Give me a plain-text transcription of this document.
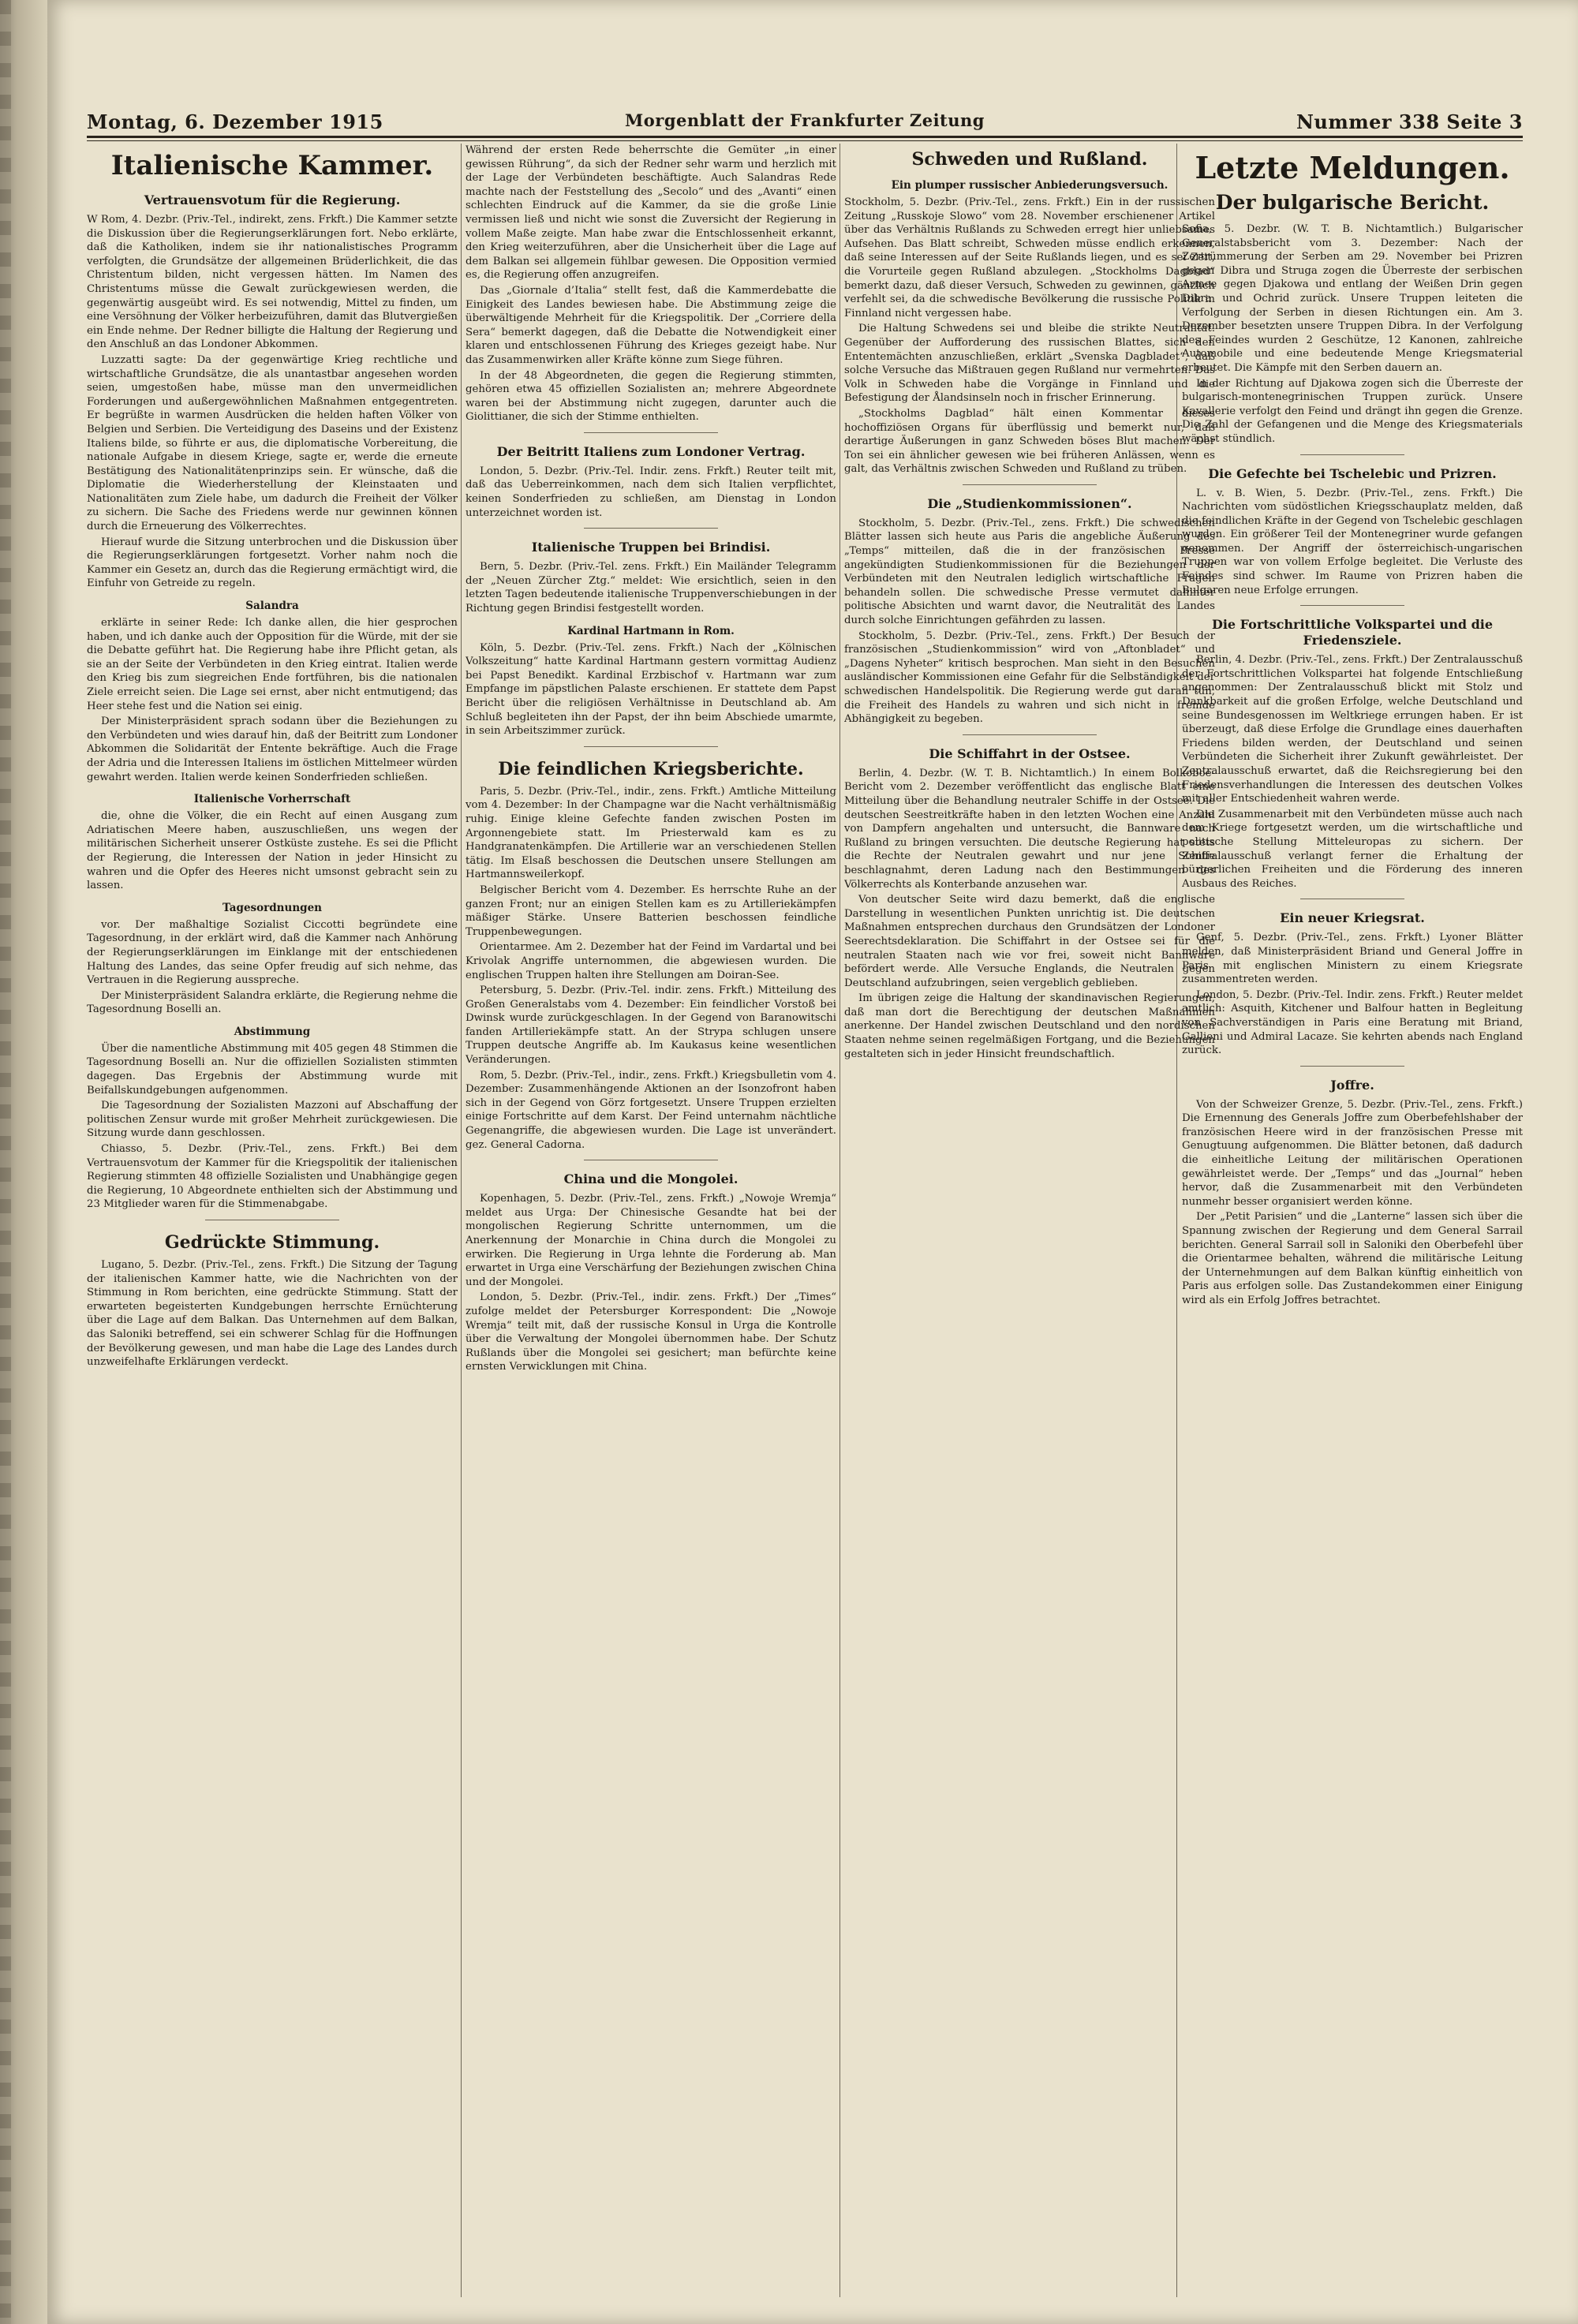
Montag, 6. Dezember 1915	Morgenblatt der Frankfurter Zeitung	Nummer 338 Seite 3
Italienische Kammer.
Vertrauensvotum für die Regierung.

W Rom, 4. Dezbr. (Priv.-Tel., indirekt, zens. Frkft.) Die Kammer setzte die Diskussion über die Regierungserklärungen fort. Nebo erklärte, daß die Katholiken, indem sie ihr nationalistisches Programm verfolgten, die Grundsätze der allgemeinen Brüderlichkeit, die das Christentum bilden, nicht vergessen hätten. Im Namen des Christentums müsse die Gewalt zurückgewiesen werden, die gegenwärtig ausgeübt wird. Es sei notwendig, Mittel zu finden, um eine Versöhnung der Völker herbeizuführen, damit das Blutvergießen ein Ende nehme. Der Redner billigte die Haltung der Regierung und den Anschluß an das Londoner Abkommen.

Luzzatti sagte: Da der gegenwärtige Krieg rechtliche und wirtschaftliche Grundsätze, die als unantastbar angesehen worden seien, umgestoßen habe, müsse man den unvermeidlichen Forderungen und außergewöhnlichen Maßnahmen entgegentreten. Er begrüßte in warmen Ausdrücken die helden haften Völker von Belgien und Serbien. Die Verteidigung des Daseins und der Existenz Italiens bilde, so führte er aus, die diplomatische Vorbereitung, die nationale Aufgabe in diesem Kriege, sagte er, werde die erneute Bestätigung des Nationalitätenprinzips sein. Er wünsche, daß die Diplomatie die Wiederherstellung der Kleinstaaten und Nationalitäten zum Ziele habe, um dadurch die Freiheit der Völker zu sichern. Die Sache des Friedens werde nur gewinnen können durch die Erneuerung des Völkerrechtes.

Hierauf wurde die Sitzung unterbrochen und die Diskussion über die Regierungserklärungen fortgesetzt. Vorher nahm noch die Kammer ein Gesetz an, durch das die Regierung ermächtigt wird, die Einfuhr von Getreide zu regeln.

Salandra

erklärte in seiner Rede: Ich danke allen, die hier gesprochen haben, und ich danke auch der Opposition für die Würde, mit der sie die Debatte geführt hat. Die Regierung habe ihre Pflicht getan, als sie an der Seite der Verbündeten in den Krieg eintrat. Italien werde den Krieg bis zum siegreichen Ende fortführen, bis die nationalen Ziele erreicht seien. Die Lage sei ernst, aber nicht entmutigend; das Heer stehe fest und die Nation sei einig.

Der Ministerpräsident sprach sodann über die Beziehungen zu den Verbündeten und wies darauf hin, daß der Beitritt zum Londoner Abkommen die Solidarität der Entente bekräftige. Auch die Frage der Adria und die Interessen Italiens im östlichen Mittelmeer würden gewahrt werden. Italien werde keinen Sonderfrieden schließen.

Italienische Vorherrschaft

die, ohne die Völker, die ein Recht auf einen Ausgang zum Adriatischen Meere haben, auszuschließen, uns wegen der militärischen Sicherheit unserer Ostküste zustehe. Es sei die Pflicht der Regierung, die Interessen der Nation in jeder Hinsicht zu wahren und die Opfer des Heeres nicht umsonst gebracht sein zu lassen.

Tagesordnungen

vor. Der maßhaltige Sozialist Ciccotti begründete eine Tagesordnung, in der erklärt wird, daß die Kammer nach Anhörung der Regierungserklärungen im Einklange mit der entschiedenen Haltung des Landes, das seine Opfer freudig auf sich nehme, das Vertrauen in die Regierung ausspreche.

Der Ministerpräsident Salandra erklärte, die Regierung nehme die Tagesordnung Boselli an.

Abstimmung

Über die namentliche Abstimmung mit 405 gegen 48 Stimmen die Tagesordnung Boselli an. Nur die offiziellen Sozialisten stimmten dagegen. Das Ergebnis der Abstimmung wurde mit Beifallskundgebungen aufgenommen.

Die Tagesordnung der Sozialisten Mazzoni auf Abschaffung der politischen Zensur wurde mit großer Mehrheit zurückgewiesen. Die Sitzung wurde dann geschlossen.

Chiasso, 5. Dezbr. (Priv.-Tel., zens. Frkft.) Bei dem Vertrauensvotum der Kammer für die Kriegspolitik der italienischen Regierung stimmten 48 offizielle Sozialisten und Unabhängige gegen die Regierung, 10 Abgeordnete enthielten sich der Abstimmung und 23 Mitglieder waren für die Stimmenabgabe.

Gedrückte Stimmung.

Lugano, 5. Dezbr. (Priv.-Tel., zens. Frkft.) Die Sitzung der Tagung der italienischen Kammer hatte, wie die Nachrichten von der Stimmung in Rom berichten, eine gedrückte Stimmung. Statt der erwarteten begeisterten Kundgebungen herrschte Ernüchterung über die Lage auf dem Balkan. Das Unternehmen auf dem Balkan, das Saloniki betreffend, sei ein schwerer Schlag für die Hoffnungen der Bevölkerung gewesen, und man habe die Lage des Landes durch unzweifelhafte Erklärungen verdeckt.

Während der ersten Rede beherrschte die Gemüter „in einer gewissen Rührung“, da sich der Redner sehr warm und herzlich mit der Lage der Verbündeten beschäftigte. Auch Salandras Rede machte nach der Feststellung des „Secolo“ und des „Avanti“ einen schlechten Eindruck auf die Kammer, da sie die große Linie vermissen ließ und nicht wie sonst die Zuversicht der Regierung in vollem Maße zeigte. Man habe zwar die Entschlossenheit erkannt, den Krieg weiterzuführen, aber die Unsicherheit über die Lage auf dem Balkan sei allgemein fühlbar gewesen. Die Opposition vermied es, die Regierung offen anzugreifen.

Das „Giornale d’Italia“ stellt fest, daß die Kammerdebatte die Einigkeit des Landes bewiesen habe. Die Abstimmung zeige die überwältigende Mehrheit für die Kriegspolitik. Der „Corriere della Sera“ bemerkt dagegen, daß die Debatte die Notwendigkeit einer klaren und entschlossenen Führung des Krieges gezeigt habe. Nur das Zusammenwirken aller Kräfte könne zum Siege führen.

In der 48 Abgeordneten, die gegen die Regierung stimmten, gehören etwa 45 offiziellen Sozialisten an; mehrere Abgeordnete waren bei der Abstimmung nicht zugegen, darunter auch die Giolittianer, die sich der Stimme enthielten.

Der Beitritt Italiens zum Londoner Vertrag.

London, 5. Dezbr. (Priv.-Tel. Indir. zens. Frkft.) Reuter teilt mit, daß das Ueberreinkommen, nach dem sich Italien verpflichtet, keinen Sonderfrieden zu schließen, am Dienstag in London unterzeichnet worden ist.

Italienische Truppen bei Brindisi.

Bern, 5. Dezbr. (Priv.-Tel. zens. Frkft.) Ein Mailänder Telegramm der „Neuen Zürcher Ztg.“ meldet: Wie ersichtlich, seien in den letzten Tagen bedeutende italienische Truppenverschiebungen in der Richtung gegen Brindisi festgestellt worden.

Kardinal Hartmann in Rom.

Köln, 5. Dezbr. (Priv.-Tel. zens. Frkft.) Nach der „Kölnischen Volkszeitung“ hatte Kardinal Hartmann gestern vormittag Audienz bei Papst Benedikt. Kardinal Erzbischof v. Hartmann war zum Empfange im päpstlichen Palaste erschienen. Er stattete dem Papst Bericht über die religiösen Verhältnisse in Deutschland ab. Am Schluß begleiteten ihn der Papst, der ihn beim Abschiede umarmte, in sein Arbeitszimmer zurück.

Die feindlichen Kriegsberichte.

Paris, 5. Dezbr. (Priv.-Tel., indir., zens. Frkft.) Amtliche Mitteilung vom 4. Dezember: In der Champagne war die Nacht verhältnismäßig ruhig. Einige kleine Gefechte fanden zwischen Posten im Argonnengebiete statt. Im Priesterwald kam es zu Handgranatenkämpfen. Die Artillerie war an verschiedenen Stellen tätig. Im Elsaß beschossen die Deutschen unsere Stellungen am Hartmannsweilerkopf.

Belgischer Bericht vom 4. Dezember. Es herrschte Ruhe an der ganzen Front; nur an einigen Stellen kam es zu Artilleriekämpfen mäßiger Stärke. Unsere Batterien beschossen feindliche Truppenbewegungen.

Orientarmee. Am 2. Dezember hat der Feind im Vardartal und bei Krivolak Angriffe unternommen, die abgewiesen wurden. Die englischen Truppen halten ihre Stellungen am Doiran-See.

Petersburg, 5. Dezbr. (Priv.-Tel. indir. zens. Frkft.) Mitteilung des Großen Generalstabs vom 4. Dezember: Ein feindlicher Vorstoß bei Dwinsk wurde zurückgeschlagen. In der Gegend von Baranowitschi fanden Artilleriekämpfe statt. An der Strypa schlugen unsere Truppen deutsche Angriffe ab. Im Kaukasus keine wesentlichen Veränderungen.

Rom, 5. Dezbr. (Priv.-Tel., indir., zens. Frkft.) Kriegsbulletin vom 4. Dezember: Zusammenhängende Aktionen an der Isonzofront haben sich in der Gegend von Görz fortgesetzt. Unsere Truppen erzielten einige Fortschritte auf dem Karst. Der Feind unternahm nächtliche Gegenangriffe, die abgewiesen wurden. Die Lage ist unverändert. gez. General Cadorna.

China und die Mongolei.

Kopenhagen, 5. Dezbr. (Priv.-Tel., zens. Frkft.) „Nowoje Wremja“ meldet aus Urga: Der Chinesische Gesandte hat bei der mongolischen Regierung Schritte unternommen, um die Anerkennung der Monarchie in China durch die Mongolei zu erwirken. Die Regierung in Urga lehnte die Forderung ab. Man erwartet in Urga eine Verschärfung der Beziehungen zwischen China und der Mongolei.

London, 5. Dezbr. (Priv.-Tel., indir. zens. Frkft.) Der „Times“ zufolge meldet der Petersburger Korrespondent: Die „Nowoje Wremja“ teilt mit, daß der russische Konsul in Urga die Kontrolle über die Verwaltung der Mongolei übernommen habe. Der Schutz Rußlands über die Mongolei sei gesichert; man befürchte keine ernsten Verwicklungen mit China.

Schweden und Rußland.
Ein plumper russischer Anbiederungsversuch.

Stockholm, 5. Dezbr. (Priv.-Tel., zens. Frkft.) Ein in der russischen Zeitung „Russkoje Slowo“ vom 28. November erschienener Artikel über das Verhältnis Rußlands zu Schweden erregt hier unliebsames Aufsehen. Das Blatt schreibt, Schweden müsse endlich erkennen, daß seine Interessen auf der Seite Rußlands liegen, und es sei Zeit, die Vorurteile gegen Rußland abzulegen. „Stockholms Dagblad“ bemerkt dazu, daß dieser Versuch, Schweden zu gewinnen, gänzlich verfehlt sei, da die schwedische Bevölkerung die russische Politik in Finnland nicht vergessen habe.

Die Haltung Schwedens sei und bleibe die strikte Neutralität. Gegenüber der Aufforderung des russischen Blattes, sich den Ententemächten anzuschließen, erklärt „Svenska Dagbladet“, daß solche Versuche das Mißtrauen gegen Rußland nur vermehrten. Das Volk in Schweden habe die Vorgänge in Finnland und die Befestigung der Ålandsinseln noch in frischer Erinnerung.

„Stockholms Dagblad“ hält einen Kommentar dieses hochoffiziösen Organs für überflüssig und bemerkt nur, daß derartige Äußerungen in ganz Schweden böses Blut machen. Der Ton sei ein ähnlicher gewesen wie bei früheren Anlässen, wenn es galt, das Verhältnis zwischen Schweden und Rußland zu trüben.

Die „Studienkommissionen“.

Stockholm, 5. Dezbr. (Priv.-Tel., zens. Frkft.) Die schwedischen Blätter lassen sich heute aus Paris die angebliche Äußerung des „Temps“ mitteilen, daß die in der französischen Presse angekündigten Studienkommissionen für die Beziehungen der Verbündeten mit den Neutralen lediglich wirtschaftliche Fragen behandeln sollen. Die schwedische Presse vermutet dahinter politische Absichten und warnt davor, die Neutralität des Landes durch solche Einrichtungen gefährden zu lassen.

Stockholm, 5. Dezbr. (Priv.-Tel., zens. Frkft.) Der Besuch der französischen „Studienkommission“ wird von „Aftonbladet“ und „Dagens Nyheter“ kritisch besprochen. Man sieht in den Besuchen ausländischer Kommissionen eine Gefahr für die Selbständigkeit der schwedischen Handelspolitik. Die Regierung werde gut daran tun, die Freiheit des Handels zu wahren und sich nicht in fremde Abhängigkeit zu begeben.

Die Schiffahrt in der Ostsee.

Berlin, 4. Dezbr. (W. T. B. Nichtamtlich.) In einem Bolkoboe-Bericht vom 2. Dezember veröffentlicht das englische Blatt eine Mitteilung über die Behandlung neutraler Schiffe in der Ostsee. Die deutschen Seestreitkräfte haben in den letzten Wochen eine Anzahl von Dampfern angehalten und untersucht, die Bannware nach Rußland zu bringen versuchten. Die deutsche Regierung hat stets die Rechte der Neutralen gewahrt und nur jene Schiffe beschlagnahmt, deren Ladung nach den Bestimmungen des Völkerrechts als Konterbande anzusehen war.

Von deutscher Seite wird dazu bemerkt, daß die englische Darstellung in wesentlichen Punkten unrichtig ist. Die deutschen Maßnahmen entsprechen durchaus den Grundsätzen der Londoner Seerechtsdeklaration. Die Schiffahrt in der Ostsee sei für die neutralen Staaten nach wie vor frei, soweit nicht Bannware befördert werde. Alle Versuche Englands, die Neutralen gegen Deutschland aufzubringen, seien vergeblich geblieben.

Im übrigen zeige die Haltung der skandinavischen Regierungen, daß man dort die Berechtigung der deutschen Maßnahmen anerkenne. Der Handel zwischen Deutschland und den nordischen Staaten nehme seinen regelmäßigen Fortgang, und die Beziehungen gestalteten sich in jeder Hinsicht freundschaftlich.

Letzte Meldungen.
Der bulgarische Bericht.

Sofia, 5. Dezbr. (W. T. B. Nichtamtlich.) Bulgarischer Generalstabsbericht vom 3. Dezember: Nach der Zertrümmerung der Serben am 29. November bei Prizren gegen Dibra und Struga zogen die Überreste der serbischen Armee gegen Djakowa und entlang der Weißen Drin gegen Dibra und Ochrid zurück. Unsere Truppen leiteten die Verfolgung der Serben in diesen Richtungen ein. Am 3. Dezember besetzten unsere Truppen Dibra. In der Verfolgung des Feindes wurden 2 Geschütze, 12 Kanonen, zahlreiche Automobile und eine bedeutende Menge Kriegsmaterial erbeutet. Die Kämpfe mit den Serben dauern an.

In der Richtung auf Djakowa zogen sich die Überreste der bulgarisch-montenegrinischen Truppen zurück. Unsere Kavallerie verfolgt den Feind und drängt ihn gegen die Grenze. Die Zahl der Gefangenen und die Menge des Kriegsmaterials wächst stündlich.

Die Gefechte bei Tschelebic und Prizren.

L. v. B. Wien, 5. Dezbr. (Priv.-Tel., zens. Frkft.) Die Nachrichten vom südöstlichen Kriegsschauplatz melden, daß die feindlichen Kräfte in der Gegend von Tschelebic geschlagen wurden. Ein größerer Teil der Montenegriner wurde gefangen genommen. Der Angriff der österreichisch-ungarischen Truppen war von vollem Erfolge begleitet. Die Verluste des Feindes sind schwer. Im Raume von Prizren haben die Bulgaren neue Erfolge errungen.

Die Fortschrittliche Volkspartei und die Friedensziele.

Berlin, 4. Dezbr. (Priv.-Tel., zens. Frkft.) Der Zentralausschuß der Fortschrittlichen Volkspartei hat folgende Entschließung angenommen: Der Zentralausschuß blickt mit Stolz und Dankbarkeit auf die großen Erfolge, welche Deutschland und seine Bundesgenossen im Weltkriege errungen haben. Er ist überzeugt, daß diese Erfolge die Grundlage eines dauerhaften Friedens bilden werden, der Deutschland und seinen Verbündeten die Sicherheit ihrer Zukunft gewährleistet. Der Zentralausschuß erwartet, daß die Reichsregierung bei den Friedensverhandlungen die Interessen des deutschen Volkes mit aller Entschiedenheit wahren werde.

Die Zusammenarbeit mit den Verbündeten müsse auch nach dem Kriege fortgesetzt werden, um die wirtschaftliche und politische Stellung Mitteleuropas zu sichern. Der Zentralausschuß verlangt ferner die Erhaltung der bürgerlichen Freiheiten und die Förderung des inneren Ausbaus des Reiches.

Ein neuer Kriegsrat.

Genf, 5. Dezbr. (Priv.-Tel., zens. Frkft.) Lyoner Blätter melden, daß Ministerpräsident Briand und General Joffre in Paris mit englischen Ministern zu einem Kriegsrate zusammentreten werden.

London, 5. Dezbr. (Priv.-Tel. Indir. zens. Frkft.) Reuter meldet amtlich: Asquith, Kitchener und Balfour hatten in Begleitung von Sachverständigen in Paris eine Beratung mit Briand, Gallieni und Admiral Lacaze. Sie kehrten abends nach England zurück.

Joffre.

Von der Schweizer Grenze, 5. Dezbr. (Priv.-Tel., zens. Frkft.) Die Ernennung des Generals Joffre zum Oberbefehlshaber der französischen Heere wird in der französischen Presse mit Genugtuung aufgenommen. Die Blätter betonen, daß dadurch die einheitliche Leitung der militärischen Operationen gewährleistet werde. Der „Temps“ und das „Journal“ heben hervor, daß die Zusammenarbeit mit den Verbündeten nunmehr besser organisiert werden könne.

Der „Petit Parisien“ und die „Lanterne“ lassen sich über die Spannung zwischen der Regierung und dem General Sarrail berichten. General Sarrail soll in Saloniki den Oberbefehl über die Orientarmee behalten, während die militärische Leitung der Unternehmungen auf dem Balkan künftig einheitlich von Paris aus erfolgen solle. Das Zustandekommen einer Einigung wird als ein Erfolg Joffres betrachtet.
